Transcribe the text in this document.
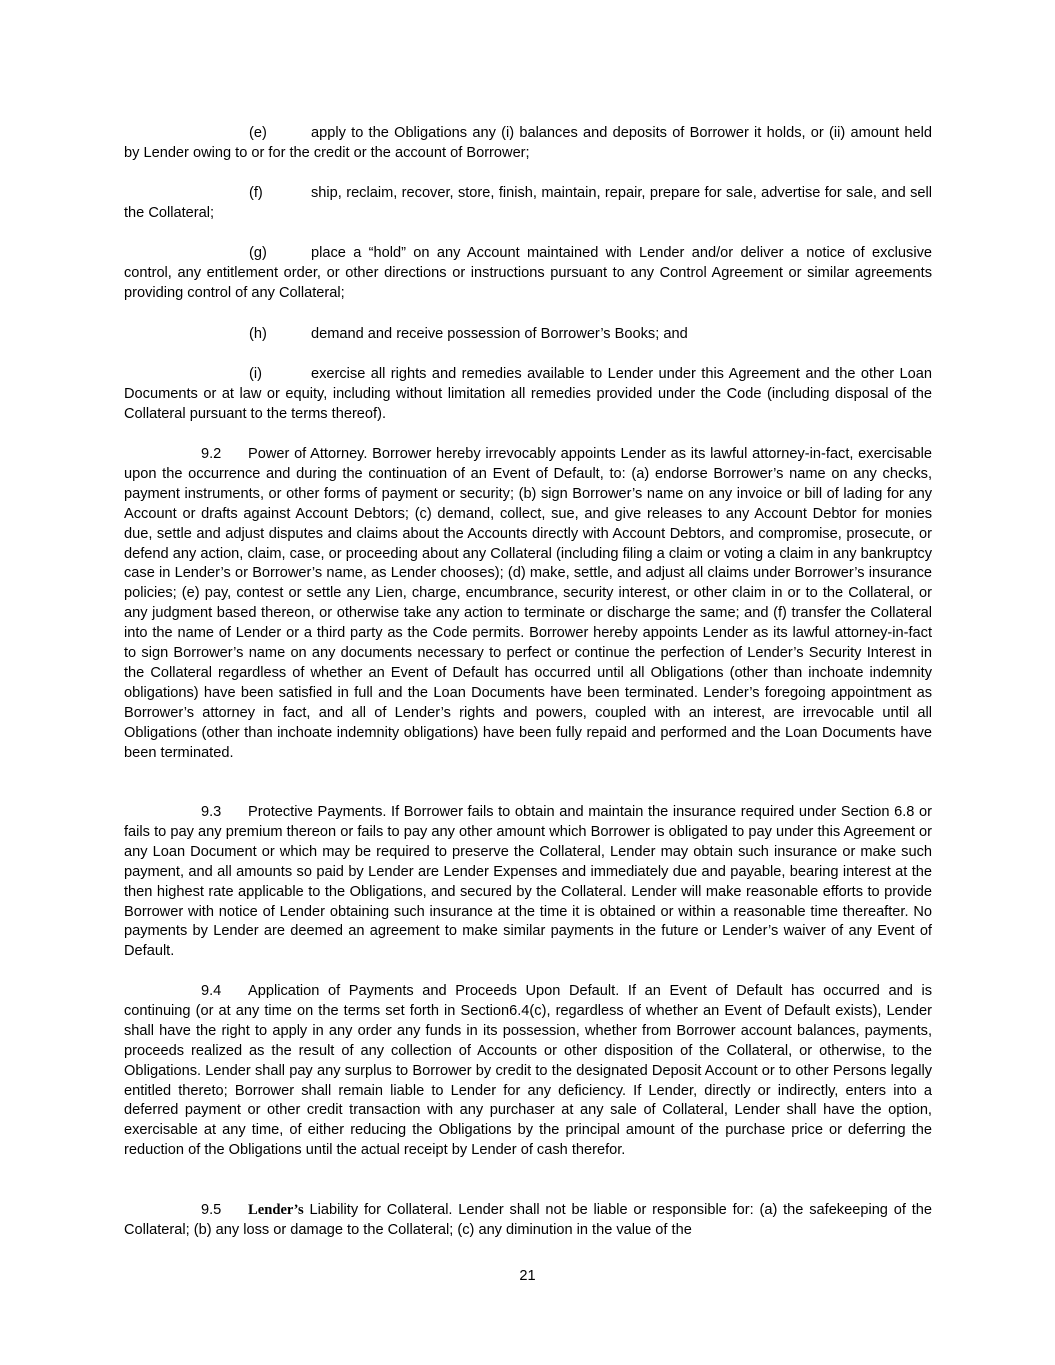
(e)	apply to the Obligations any (i) balances and deposits of Borrower it holds, or (ii) amount held by Lender owing to or for the credit or the account of Borrower;

(f)	ship, reclaim, recover, store, finish, maintain, repair, prepare for sale, advertise for sale, and sell the Collateral;

(g)	place a “hold” on any Account maintained with Lender and/or deliver a notice of exclusive control, any entitlement order, or other directions or instructions pursuant to any Control Agreement or similar agreements providing control of any Collateral;

(h)	demand and receive possession of Borrower’s Books; and

(i)	exercise all rights and remedies available to Lender under this Agreement and the other Loan Documents or at law or equity, including without limitation all remedies provided under the Code (including disposal of the Collateral pursuant to the terms thereof).

9.2 Power of Attorney. Borrower hereby irrevocably appoints Lender as its lawful attorney-in-fact, exercisable upon the occurrence and during the continuation of an Event of Default, to: (a) endorse Borrower’s name on any checks, payment instruments, or other forms of payment or security; (b) sign Borrower’s name on any invoice or bill of lading for any Account or drafts against Account Debtors; (c) demand, collect, sue, and give releases to any Account Debtor for monies due, settle and adjust disputes and claims about the Accounts directly with Account Debtors, and compromise, prosecute, or defend any action, claim, case, or proceeding about any Collateral (including filing a claim or voting a claim in any bankruptcy case in Lender’s or Borrower’s name, as Lender chooses); (d) make, settle, and adjust all claims under Borrower’s insurance policies; (e) pay, contest or settle any Lien, charge, encumbrance, security interest, or other claim in or to the Collateral, or any judgment based thereon, or otherwise take any action to terminate or discharge the same; and (f) transfer the Collateral into the name of Lender or a third party as the Code permits. Borrower hereby appoints Lender as its lawful attorney-in-fact to sign Borrower’s name on any documents necessary to perfect or continue the perfection of Lender’s Security Interest in the Collateral regardless of whether an Event of Default has occurred until all Obligations (other than inchoate indemnity obligations) have been satisfied in full and the Loan Documents have been terminated. Lender’s foregoing appointment as Borrower’s attorney in fact, and all of Lender’s rights and powers, coupled with an interest, are irrevocable until all Obligations (other than inchoate indemnity obligations) have been fully repaid and performed and the Loan Documents have been terminated.

9.3 Protective Payments. If Borrower fails to obtain and maintain the insurance required under Section 6.8 or fails to pay any premium thereon or fails to pay any other amount which Borrower is obligated to pay under this Agreement or any Loan Document or which may be required to preserve the Collateral, Lender may obtain such insurance or make such payment, and all amounts so paid by Lender are Lender Expenses and immediately due and payable, bearing interest at the then highest rate applicable to the Obligations, and secured by the Collateral. Lender will make reasonable efforts to provide Borrower with notice of Lender obtaining such insurance at the time it is obtained or within a reasonable time thereafter. No payments by Lender are deemed an agreement to make similar payments in the future or Lender’s waiver of any Event of Default.

9.4 Application of Payments and Proceeds Upon Default. If an Event of Default has occurred and is continuing (or at any time on the terms set forth in Section6.4(c), regardless of whether an Event of Default exists), Lender shall have the right to apply in any order any funds in its possession, whether from Borrower account balances, payments, proceeds realized as the result of any collection of Accounts or other disposition of the Collateral, or otherwise, to the Obligations. Lender shall pay any surplus to Borrower by credit to the designated Deposit Account or to other Persons legally entitled thereto; Borrower shall remain liable to Lender for any deficiency. If Lender, directly or indirectly, enters into a deferred payment or other credit transaction with any purchaser at any sale of Collateral, Lender shall have the option, exercisable at any time, of either reducing the Obligations by the principal amount of the purchase price or deferring the reduction of the Obligations until the actual receipt by Lender of cash therefor.

9.5 Lender’s Liability for Collateral. Lender shall not be liable or responsible for: (a) the safekeeping of the Collateral; (b) any loss or damage to the Collateral; (c) any diminution in the value of the

21
